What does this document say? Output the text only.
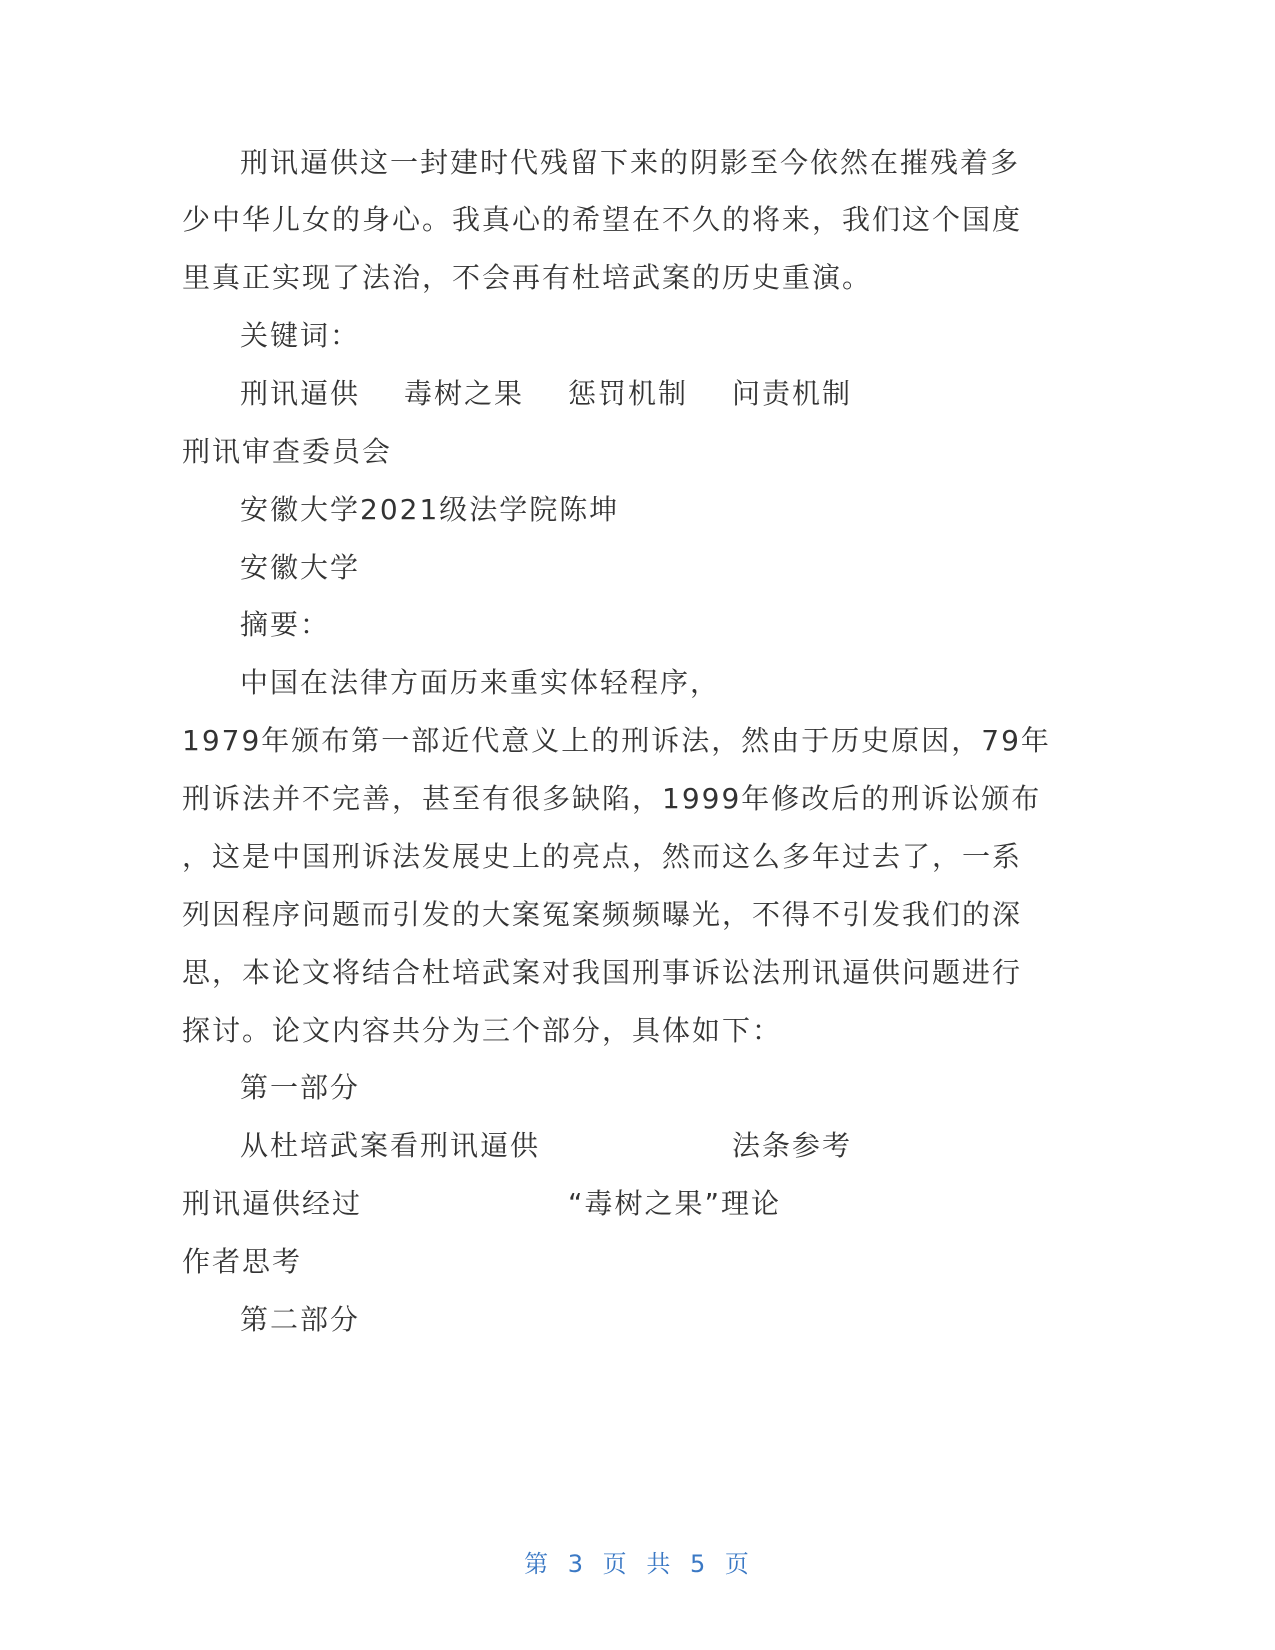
刑讯逼供这一封建时代残留下来的阴影至今依然在摧残着多
少中华儿女的身心。我真心的希望在不久的将来，我们这个国度
里真正实现了法治，不会再有杜培武案的历史重演。
关键词：
刑讯逼供 毒树之果 惩罚机制 问责机制
刑讯审查委员会
安徽大学2021级法学院陈坤
安徽大学
摘要：
中国在法律方面历来重实体轻程序，
1979年颁布第一部近代意义上的刑诉法，然由于历史原因，79年
刑诉法并不完善，甚至有很多缺陷，1999年修改后的刑诉讼颁布
，这是中国刑诉法发展史上的亮点，然而这么多年过去了，一系
列因程序问题而引发的大案冤案频频曝光，不得不引发我们的深
思，本论文将结合杜培武案对我国刑事诉讼法刑讯逼供问题进行
探讨。论文内容共分为三个部分，具体如下：
第一部分
从杜培武案看刑讯逼供	法条参考
刑讯逼供经过	“毒树之果”理论
作者思考
第二部分
第 3 页 共 5 页
